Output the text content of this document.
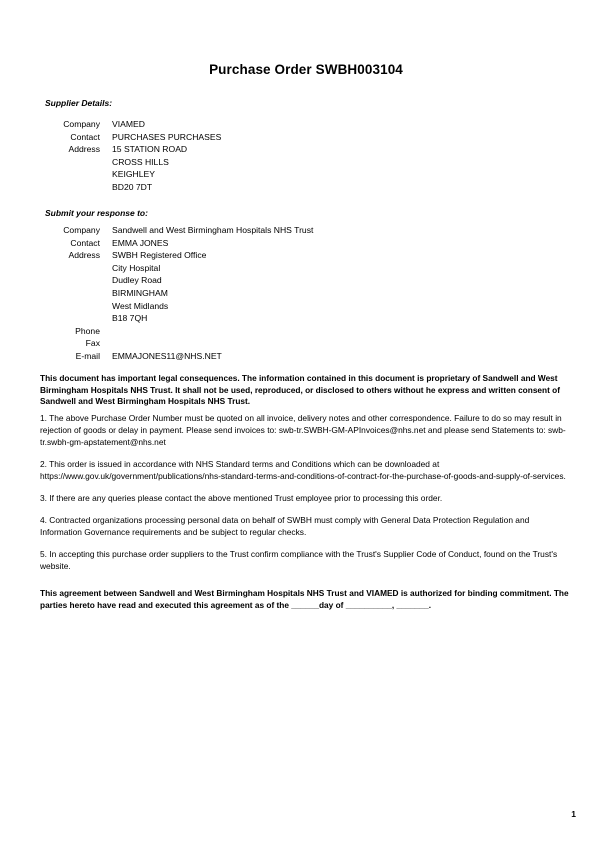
Purchase Order SWBH003104
Supplier Details:
Company	VIAMED
Contact	PURCHASES PURCHASES
Address	15 STATION ROAD
CROSS HILLS
KEIGHLEY
BD20 7DT
Submit your response to:
Company	Sandwell and West Birmingham Hospitals NHS Trust
Contact	EMMA JONES
Address	SWBH Registered Office
City Hospital
Dudley Road
BIRMINGHAM
West Midlands
B18 7QH
Phone
Fax
E-mail	EMMAJONES11@NHS.NET
This document has important legal consequences. The information contained in this document is proprietary of Sandwell and West Birmingham Hospitals NHS Trust. It shall not be used, reproduced, or disclosed to others without he express and written consent of Sandwell and West Birmingham Hospitals NHS Trust.
1. The above Purchase Order Number must be quoted on all invoice, delivery notes and other correspondence. Failure to do so may result in rejection of goods or delay in payment. Please send invoices to: swb-tr.SWBH-GM-APInvoices@nhs.net and please send Statements to: swb-tr.swbh-gm-apstatement@nhs.net
2. This order is issued in accordance with NHS Standard terms and Conditions which can be downloaded at
https://www.gov.uk/government/publications/nhs-standard-terms-and-conditions-of-contract-for-the-purchase-of-goods-and-supply-of-services.
3. If there are any queries please contact the above mentioned Trust employee prior to processing this order.
4. Contracted organizations processing personal data on behalf of SWBH must comply with General Data Protection Regulation and Information Governance requirements and be subject to regular checks.
5. In accepting this purchase order suppliers to the Trust confirm compliance with the Trust's Supplier Code of Conduct, found on the Trust's website.
This agreement between Sandwell and West Birmingham Hospitals NHS Trust and VIAMED is authorized for binding commitment. The parties hereto have read and executed this agreement as of the ______day of __________, _______.
1
